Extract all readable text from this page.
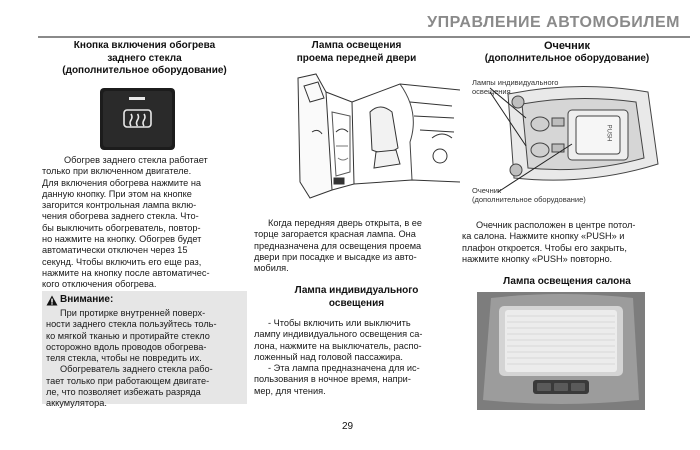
УПРАВЛЕНИЕ АВТОМОБИЛЕМ
Кнопка включения обогрева
заднего стекла
(дополнительное оборудование)

Обогрев заднего стекла работает

только при включенном двигателе.

Для включения обогрева нажмите на

данную кнопку. При этом на кнопке

загорится контрольная лампа вклю-

чения обогрева заднего стекла. Что-

бы выключить обогреватель, повтор-

но нажмите на кнопку. Обогрев будет

автоматически отключен через 15

секунд. Чтобы включить его еще раз,

нажмите на кнопку после автоматичес-

кого отключения обогрева.

Внимание:

При протирке внутренней поверх-

ности заднего стекла пользуйтесь толь-

ко мягкой тканью и протирайте стекло

осторожно вдоль проводов обогрева-

теля стекла, чтобы не повредить их.

Обогреватель заднего стекла рабо-

тает только при работающем двигате-

ле, что позволяет избежать разряда

аккумулятора.

Лампа освещения
проема передней двери

Когда передняя дверь открыта, в ее

торце загорается красная лампа. Она

предназначена для освещения проема

двери при посадке и высадке из авто-

мобиля.

Лампа индивидуального
освещения

- Чтобы включить или выключить

лампу индивидуального освещения са-

лона, нажмите на выключатель, распо-

ложенный над головой пассажира.

- Эта лампа предназначена для ис-

пользования в ночное время, напри-

мер, для чтения.

Очечник
(дополнительное оборудование)
Лампы индивидуального
освещения
Очечник
(дополнительное оборудование)
PUSH

Очечник расположен в центре потол-

ка салона. Нажмите кнопку «PUSH» и

плафон откроется. Чтобы его закрыть,

нажмите кнопку «PUSH» повторно.

Лампа освещения салона
29
